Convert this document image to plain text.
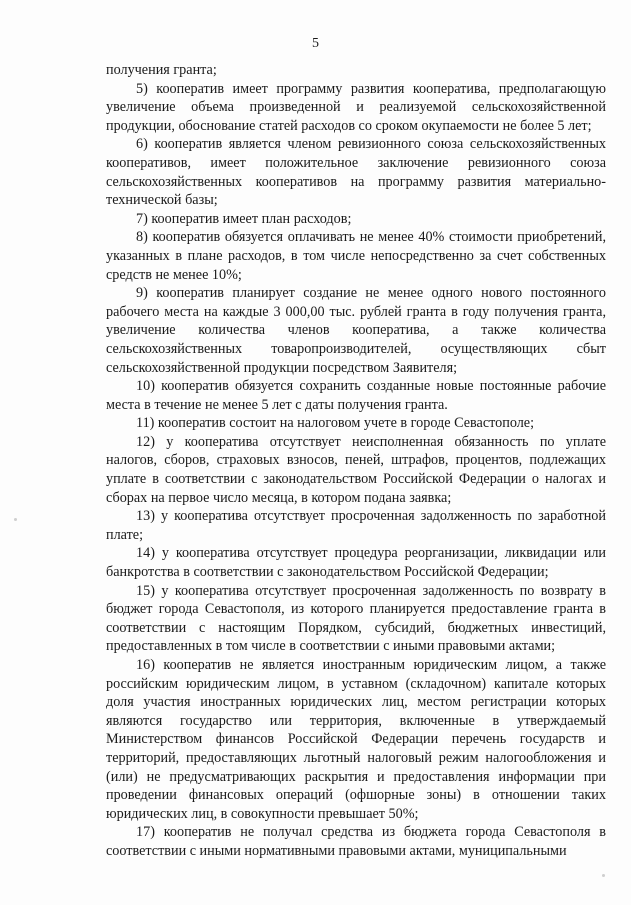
5

получения гранта;

5) кооператив имеет программу развития кооператива, предполагающую увеличение объема произведенной и реализуемой сельскохозяйственной продукции, обоснование статей расходов со сроком окупаемости не более 5 лет;

6) кооператив является членом ревизионного союза сельскохозяйственных кооперативов, имеет положительное заключение ревизионного союза сельскохозяйственных кооперативов на программу развития материально-технической базы;

7) кооператив имеет план расходов;

8) кооператив обязуется оплачивать не менее 40% стоимости приобретений, указанных в плане расходов, в том числе непосредственно за счет собственных средств не менее 10%;

9) кооператив планирует создание не менее одного нового постоянного рабочего места на каждые 3 000,00 тыс. рублей гранта в году получения гранта, увеличение количества членов кооператива, а также количества сельскохозяйственных товаропроизводителей, осуществляющих сбыт сельскохозяйственной продукции посредством Заявителя;

10) кооператив обязуется сохранить созданные новые постоянные рабочие места в течение не менее 5 лет с даты получения гранта.

11) кооператив состоит на налоговом учете в городе Севастополе;

12) у кооператива отсутствует неисполненная обязанность по уплате налогов, сборов, страховых взносов, пеней, штрафов, процентов, подлежащих уплате в соответствии с законодательством Российской Федерации о налогах и сборах на первое число месяца, в котором подана заявка;

13) у кооператива отсутствует просроченная задолженность по заработной плате;

14) у кооператива отсутствует процедура реорганизации, ликвидации или банкротства в соответствии с законодательством Российской Федерации;

15) у кооператива отсутствует просроченная задолженность по возврату в бюджет города Севастополя, из которого планируется предоставление гранта в соответствии с настоящим Порядком, субсидий, бюджетных инвестиций, предоставленных в том числе в соответствии с иными правовыми актами;

16) кооператив не является иностранным юридическим лицом, а также российским юридическим лицом, в уставном (складочном) капитале которых доля участия иностранных юридических лиц, местом регистрации которых являются государство или территория, включенные в утверждаемый Министерством финансов Российской Федерации перечень государств и территорий, предоставляющих льготный налоговый режим налогообложения и (или) не предусматривающих раскрытия и предоставления информации при проведении финансовых операций (офшорные зоны) в отношении таких юридических лиц, в совокупности превышает 50%;

17) кооператив не получал средства из бюджета города Севастополя в соответствии с иными нормативными правовыми актами, муниципальными
